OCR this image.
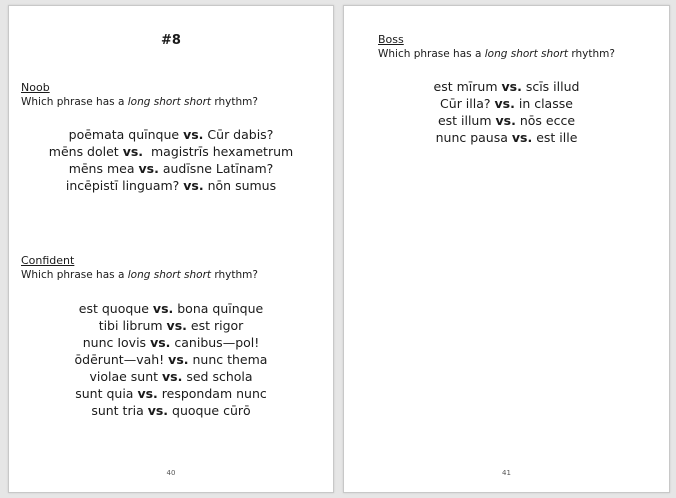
#8
Noob
Which phrase has a long short short rhythm?
poēmata quīnque vs. Cūr dabis?
mēns dolet vs. magistrīs hexametrum
mēns mea vs. audīsne Latīnam?
incēpistī linguam? vs. nōn sumus
Confident
Which phrase has a long short short rhythm?
est quoque vs. bona quīnque
tibi librum vs. est rigor
nunc Iovis vs. canibus—pol!
ōdērunt—vah! vs. nunc thema
violae sunt vs. sed schola
sunt quia vs. respondam nunc
sunt tria vs. quoque cūrō
40
Boss
Which phrase has a long short short rhythm?
est mīrum vs. scīs illud
Cūr illa? vs. in classe
est illum vs. nōs ecce
nunc pausa vs. est ille
41
